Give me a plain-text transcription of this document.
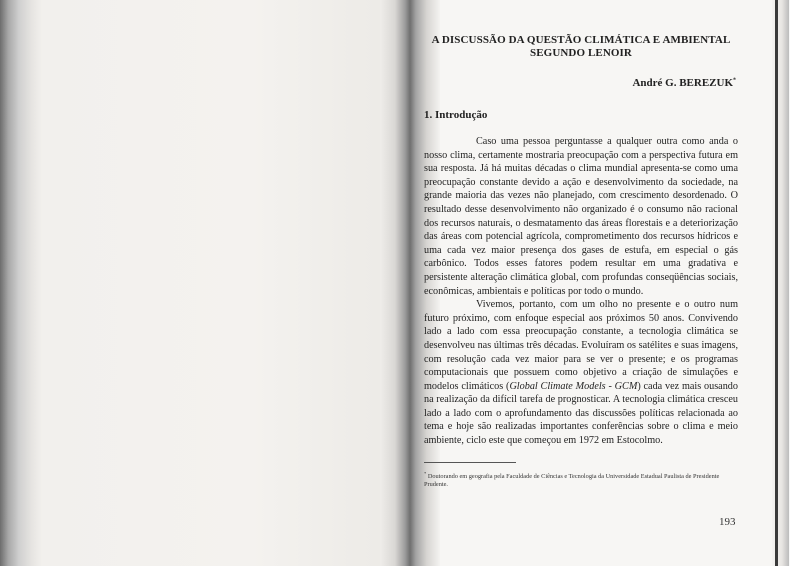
A DISCUSSÃO DA QUESTÃO CLIMÁTICA E AMBIENTAL
SEGUNDO LENOIR
André G. BEREZUK*
1. Introdução

Caso uma pessoa perguntasse a qualquer outra como anda o nosso clima, certamente mostraria preocupação com a perspectiva futura em sua resposta. Já há muitas décadas o clima mundial apresenta-se como uma preocupação constante devido a ação e desenvolvimento da sociedade, na grande maioria das vezes não planejado, com crescimento desordenado. O resultado desse desenvolvimento não organizado é o consumo não racional dos recursos naturais, o desmatamento das áreas florestais e a deteriorização das áreas com potencial agrícola, comprometimento dos recursos hídricos e uma cada vez maior presença dos gases de estufa, em especial o gás carbônico. Todos esses fatores podem resultar em uma gradativa e persistente alteração climática global, com profundas conseqüências sociais, econômicas, ambientais e políticas por todo o mundo.

Vivemos, portanto, com um olho no presente e o outro num futuro próximo, com enfoque especial aos próximos 50 anos. Convivendo lado a lado com essa preocupação constante, a tecnologia climática se desenvolveu nas últimas três décadas. Evoluíram os satélites e suas imagens, com resolução cada vez maior para se ver o presente; e os programas computacionais que possuem como objetivo a criação de simulações e modelos climáticos (Global Climate Models - GCM) cada vez mais ousando na realização da difícil tarefa de prognosticar. A tecnologia climática cresceu lado a lado com o aprofundamento das discussões políticas relacionada ao tema e hoje são realizadas importantes conferências sobre o clima e meio ambiente, ciclo este que começou em 1972 em Estocolmo.

* Doutorando em geografia pela Faculdade de Ciências e Tecnologia da Universidade Estadual Paulista de Presidente Prudente.
193
